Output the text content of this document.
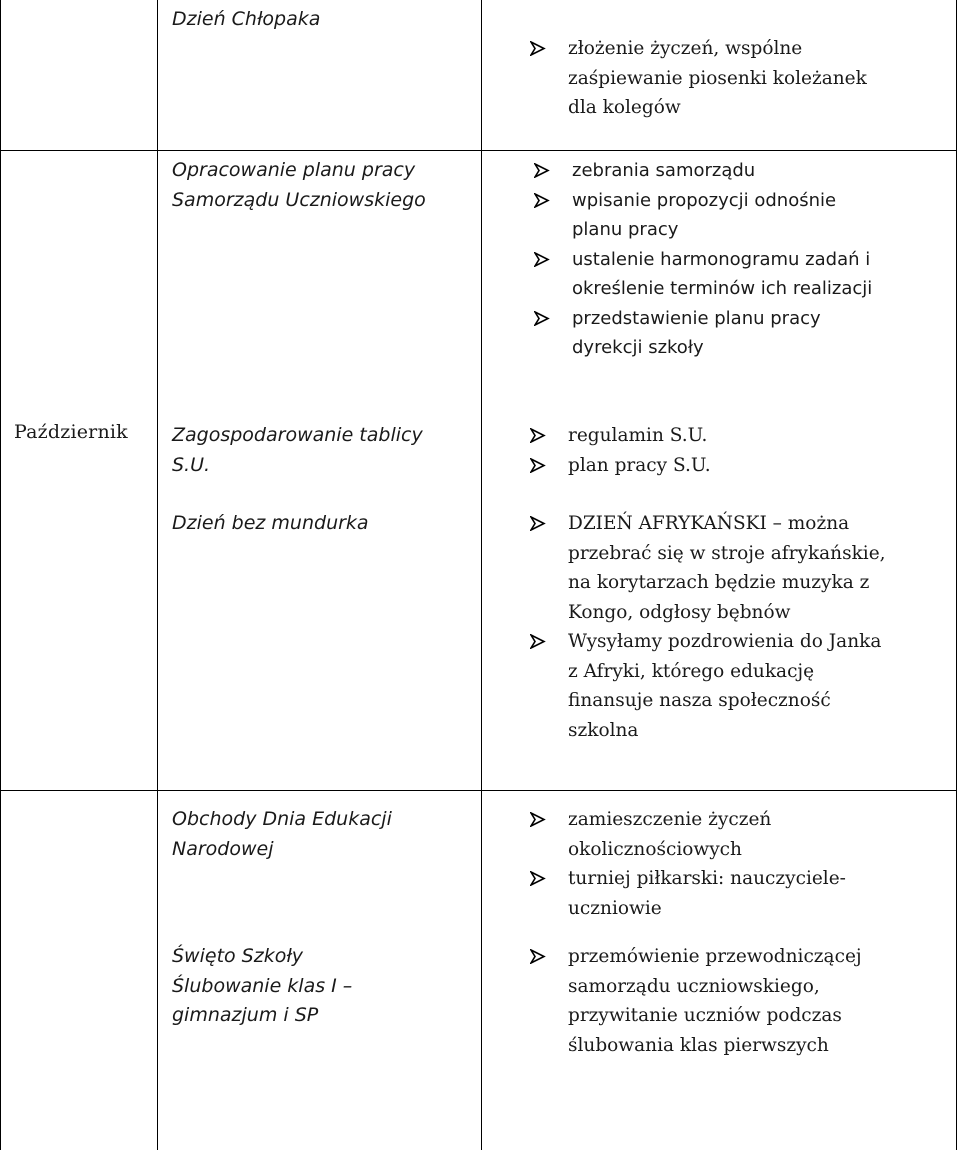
Październik
Dzień Chłopaka
złożenie życzeń, wspólne
zaśpiewanie piosenki koleżanek
dla kolegów
Opracowanie planu pracy
Samorządu Uczniowskiego
zebrania samorządu
wpisanie propozycji odnośnie
planu pracy
ustalenie harmonogramu zadań i
określenie terminów ich realizacji
przedstawienie planu pracy
dyrekcji szkoły
Zagospodarowanie tablicy
S.U.
regulamin S.U.
plan pracy S.U.
Dzień bez mundurka	DZIEŃ AFRYKAŃSKI – można
przebrać się w stroje afrykańskie,
na korytarzach będzie muzyka z
Kongo, odgłosy bębnów
Wysyłamy pozdrowienia do Janka
z Afryki, którego edukację
finansuje nasza społeczność
szkolna
Obchody Dnia Edukacji
Narodowej
zamieszczenie życzeń
okolicznościowych
turniej piłkarski: nauczyciele-
uczniowie
Święto Szkoły
Ślubowanie klas I –
gimnazjum i SP
przemówienie przewodniczącej
samorządu uczniowskiego,
przywitanie uczniów podczas
ślubowania klas pierwszych
